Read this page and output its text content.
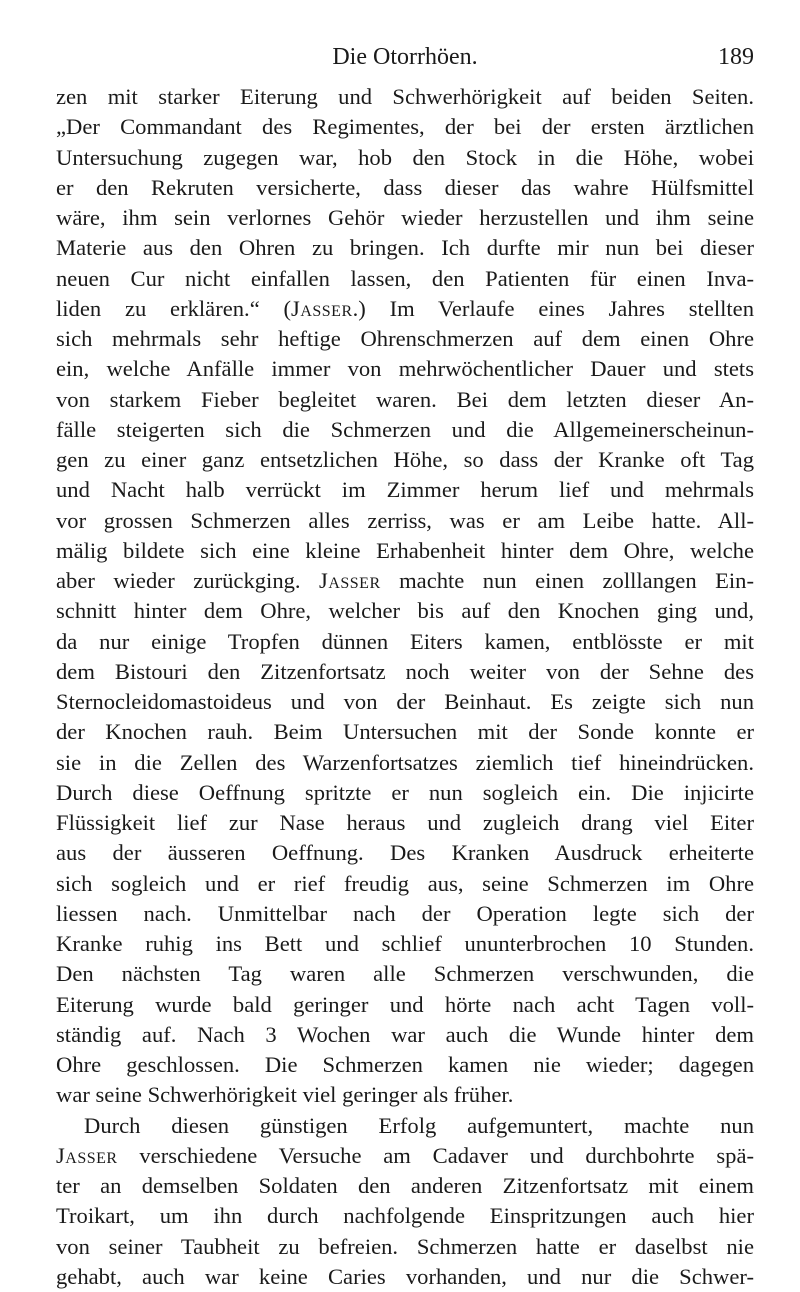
Die Otorrhöen.	189
zen mit starker Eiterung und Schwerhörigkeit auf beiden Seiten.
„Der Commandant des Regimentes, der bei der ersten ärztlichen
Untersuchung zugegen war, hob den Stock in die Höhe, wobei
er den Rekruten versicherte, dass dieser das wahre Hülfsmittel
wäre, ihm sein verlornes Gehör wieder herzustellen und ihm seine
Materie aus den Ohren zu bringen. Ich durfte mir nun bei dieser
neuen Cur nicht einfallen lassen, den Patienten für einen Inva-
liden zu erklären.“ (Jasser.) Im Verlaufe eines Jahres stellten
sich mehrmals sehr heftige Ohrenschmerzen auf dem einen Ohre
ein, welche Anfälle immer von mehrwöchentlicher Dauer und stets
von starkem Fieber begleitet waren. Bei dem letzten dieser An-
fälle steigerten sich die Schmerzen und die Allgemeinerscheinun-
gen zu einer ganz entsetzlichen Höhe, so dass der Kranke oft Tag
und Nacht halb verrückt im Zimmer herum lief und mehrmals
vor grossen Schmerzen alles zerriss, was er am Leibe hatte. All-
mälig bildete sich eine kleine Erhabenheit hinter dem Ohre, welche
aber wieder zurückging. Jasser machte nun einen zolllangen Ein-
schnitt hinter dem Ohre, welcher bis auf den Knochen ging und,
da nur einige Tropfen dünnen Eiters kamen, entblösste er mit
dem Bistouri den Zitzenfortsatz noch weiter von der Sehne des
Sternocleidomastoideus und von der Beinhaut. Es zeigte sich nun
der Knochen rauh. Beim Untersuchen mit der Sonde konnte er
sie in die Zellen des Warzenfortsatzes ziemlich tief hineindrücken.
Durch diese Oeffnung spritzte er nun sogleich ein. Die injicirte
Flüssigkeit lief zur Nase heraus und zugleich drang viel Eiter
aus der äusseren Oeffnung. Des Kranken Ausdruck erheiterte
sich sogleich und er rief freudig aus, seine Schmerzen im Ohre
liessen nach. Unmittelbar nach der Operation legte sich der
Kranke ruhig ins Bett und schlief ununterbrochen 10 Stunden.
Den nächsten Tag waren alle Schmerzen verschwunden, die
Eiterung wurde bald geringer und hörte nach acht Tagen voll-
ständig auf. Nach 3 Wochen war auch die Wunde hinter dem
Ohre geschlossen. Die Schmerzen kamen nie wieder; dagegen
war seine Schwerhörigkeit viel geringer als früher.
Durch diesen günstigen Erfolg aufgemuntert, machte nun
Jasser verschiedene Versuche am Cadaver und durchbohrte spä-
ter an demselben Soldaten den anderen Zitzenfortsatz mit einem
Troikart, um ihn durch nachfolgende Einspritzungen auch hier
von seiner Taubheit zu befreien. Schmerzen hatte er daselbst nie
gehabt, auch war keine Caries vorhanden, und nur die Schwer-
